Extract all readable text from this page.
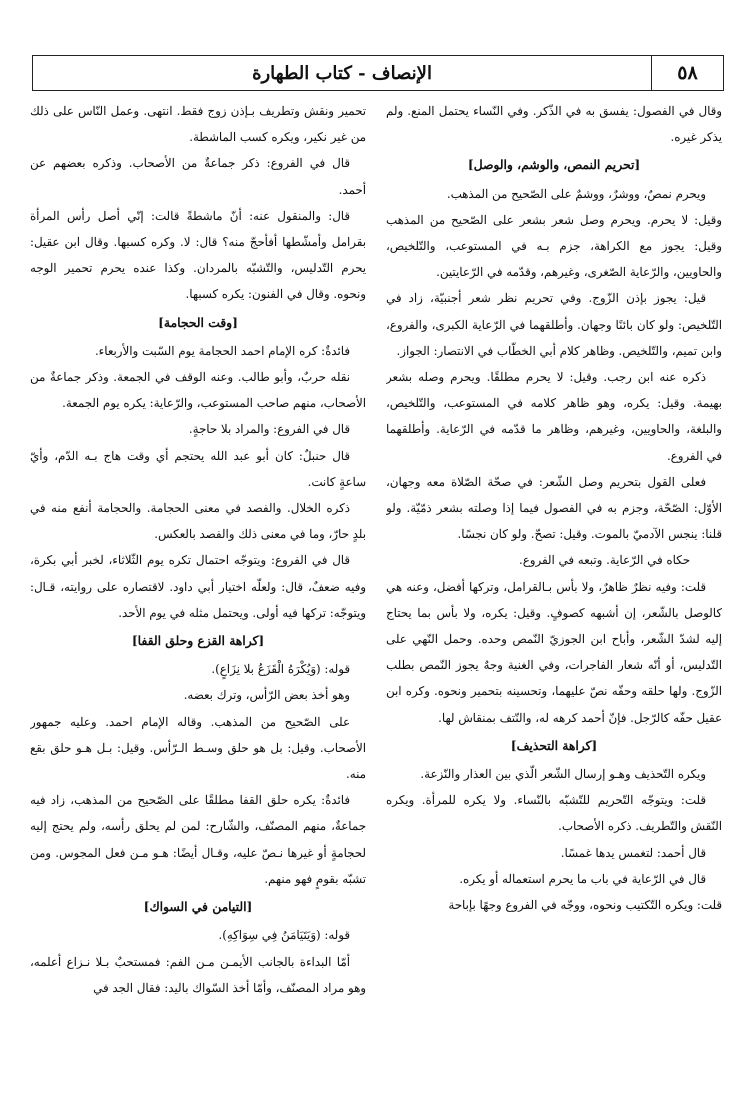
٥٨
الإنصاف - كتاب الطهارة

وقال في الفصول: يفسق به في الذّكر. وفي النّساء يحتمل المنع. ولم يذكر غيره.

[تحريم النمص، والوشم، والوصل]

ويحرم نمصٌ، ووشرٌ، ووشمٌ على الصّحيح من المذهب.

وقيل: لا يحرم. ويحرم وصل شعر بشعر على الصّحيح من المذهب وقيل: يجوز مع الكراهة، جزم بـه في المستوعب، والتّلخيص، والحاويين، والرّعاية الصّغرى، وغيرهم، وقدّمه في الرّعايتين.

قيل: يجوز بإذن الزّوج. وفي تحريم نظر شعر أجنبيّة، زاد في التّلخيص: ولو كان بائنًا وجهان. وأطلقهما في الرّعاية الكبرى، والفروع، وابن تميم، والتّلخيص. وظاهر كلام أبي الخطّاب في الانتصار: الجواز.

ذكره عنه ابن رجب. وقيل: لا يحرم مطلقًا. ويحرم وصله بشعر بهيمة. وقيل: يكره، وهو ظاهر كلامه في المستوعب، والتّلخيص، والبلغة، والحاويين، وغيرهم، وظاهر ما قدّمه في الرّعاية. وأطلقهما في الفروع.

فعلى القول بتحريم وصل الشّعر: في صحّة الصّلاة معه وجهان، الأوّل: الصّحّة، وجزم به في الفصول فيما إذا وصلته بشعر ذمّيّة. ولو قلنا: ينجس الآدميّ بالموت. وقيل: تصحّ. ولو كان نجسًا.

حكاه في الرّعاية. وتبعه في الفروع.

قلت: وفيه نظرٌ ظاهرٌ، ولا بأس بـالقرامل، وتركها أفضل، وعنه هي كالوصل بالشّعر، إن أشبهه كصوفٍ. وقيل: يكره، ولا بأس بما يحتاج إليه لشدّ الشّعر، وأباح ابن الجوزيّ النّمص وحده. وحمل النّهي على التّدليس، أو أنّه شعار الفاجرات، وفي الغنية وجهٌ يجوز النّمص بطلب الزّوج. ولها حلقه وحفّه نصّ عليهما، وتحسينه بتحمير ونحوه. وكره ابن عقيل حفّه كالرّجل. فإنّ أحمد كرهه له، والنّتف بمنقاش لها.

[كراهة التحذيف]

ويكره التّحذيف وهـو إرسال الشّعر الّذي بين العذار والنّزعة.

قلت: ويتوجّه التّحريم للتّشبّه بالنّساء. ولا يكره للمرأة. ويكره النّقش والتّطريف. ذكره الأصحاب.

قال أحمد: لتغمس يدها غمسًا.

قال في الرّعاية في باب ما يحرم استعماله أو يكره.

قلت: ويكره التّكتيب ونحوه، ووجّه في الفروع وجهًا بإباحة

تحمير ونقش وتطريف بـإذن زوج فقط. انتهى. وعمل النّاس على ذلك من غير نكير، ويكره كسب الماشطة.

قال في الفروع: ذكر جماعةٌ من الأصحاب. وذكره بعضهم عن أحمد.

قال: والمنقول عنه: أنّ ماشطةً قالت: إنّي أصل رأس المرأة بقرامل وأمشّطها أفأحجّ منه؟ قال: لا. وكره كسبها. وقال ابن عقيل: يحرم التّدليس، والتّشبّه بالمردان. وكذا عنده يحرم تحمير الوجه ونحوه. وقال في الفنون: يكره كسبها.

[وقت الحجامة]

فائدةٌ: كره الإمام احمد الحجامة يوم السّبت والأربعاء.

نقله حربٌ، وأبو طالب. وعنه الوقف في الجمعة. وذكر جماعةٌ من الأصحاب، منهم صاحب المستوعب، والرّعاية: يكره يوم الجمعة.

قال في الفروع: والمراد بلا حاجةٍ.

قال حنبلٌ: كان أبو عبد الله يحتجم أي وقت هاج بـه الدّم، وأيّ ساعةٍ كانت.

ذكره الخلال. والفصد في معنى الحجامة. والحجامة أنفع منه في بلدٍ حارّ، وما في معنى ذلك والفصد بالعكس.

قال في الفروع: ويتوجّه احتمال تكره يوم الثّلاثاء، لخبر أبي بكرة، وفيه ضعفٌ، قال: ولعلّه اختيار أبي داود. لاقتصاره على روايته، قـال: ويتوجّه: تركها فيه أولى. ويحتمل مثله في يوم الأحد.

[كراهة القزع وحلق القفا]

قوله: (وَيُكْرَهُ الْقَزَعُ بلا نِزَاعٍ).

وهو أخذ بعض الرّأس، وترك بعضه.

على الصّحيح من المذهب. وقاله الإمام احمد. وعليه جمهور الأصحاب. وقيل: بل هو حلق وسـط الـرّأس. وقيل: بـل هـو حلق بقع منه.

فائدةٌ: يكره حلق القفا مطلقًا على الصّحيح من المذهب، زاد فيه جماعةٌ، منهم المصنّف، والشّارح: لمن لم يحلق رأسه، ولم يحتج إليه لحجامةٍ أو غيرها نـصّ عليه، وقـال أيضًا: هـو مـن فعل المجوس. ومن تشبّه بقومٍ فهو منهم.

[التيامن في السواك]

قوله: (وَيَتَيَامَنُ فِي سِوَاكِهِ).

أمّا البداءة بالجانب الأيمـن مـن الفم: فمستحبٌ بـلا نـزاع أعلمه، وهو مراد المصنّف، وأمّا أخذ السّواك باليد: فقال الجد في
